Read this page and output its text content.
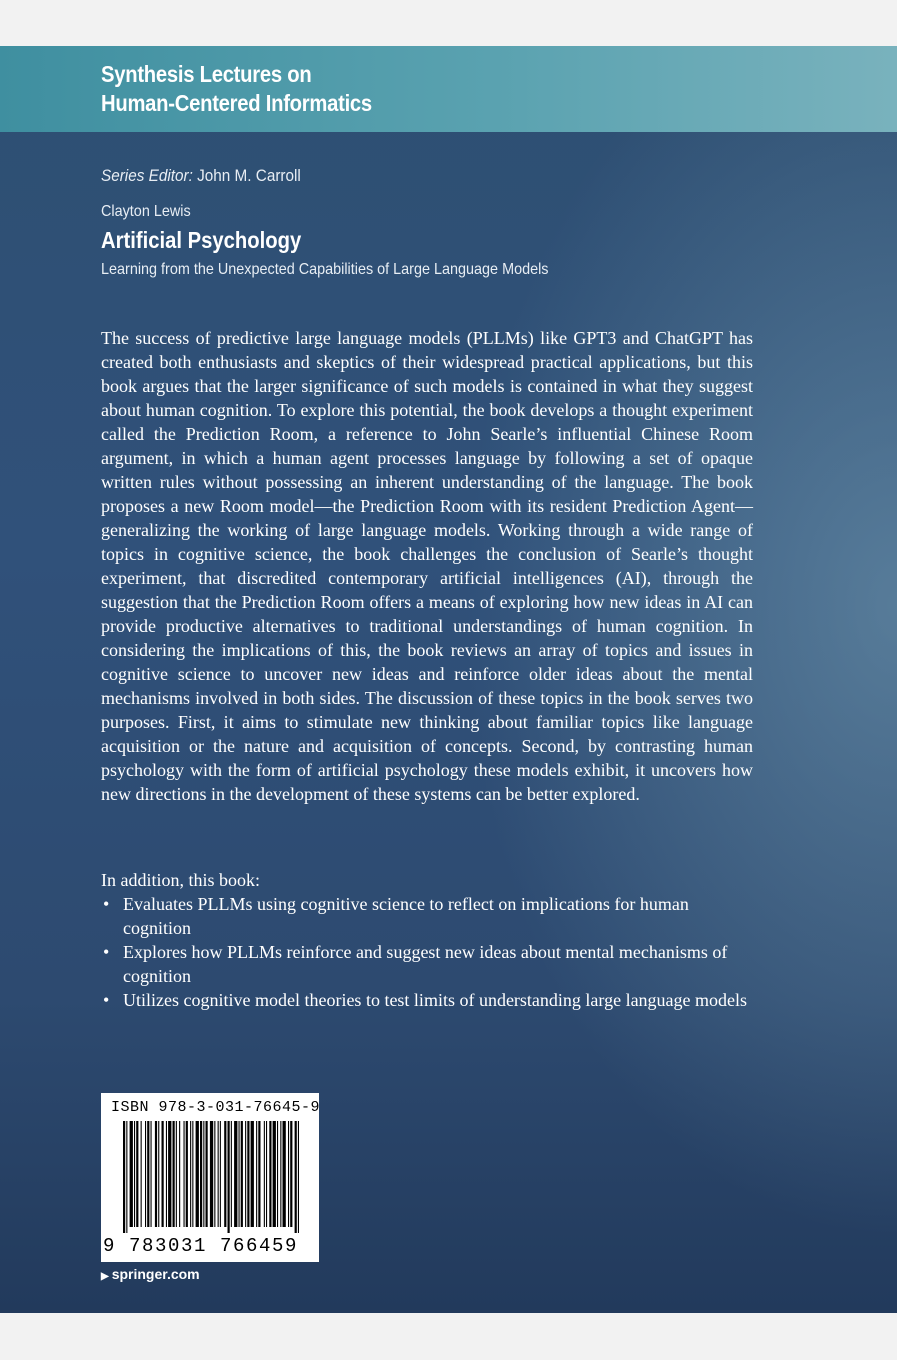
Synthesis Lectures on
Human-Centered Informatics
Series Editor: John M. Carroll
Clayton Lewis
Artificial Psychology
Learning from the Unexpected Capabilities of Large Language Models

The success of predictive large language models (PLLMs) like GPT3 and ChatGPT has created both enthusiasts and skeptics of their widespread practical applications, but this book argues that the larger significance of such models is contained in what they suggest about human cognition. To explore this potential, the book develops a thought experiment called the Prediction Room, a reference to John Searle’s influential Chinese Room argument, in which a human agent processes language by following a set of opaque written rules without possessing an inherent understanding of the language. The book proposes a new Room model—the Prediction Room with its resident Prediction Agent—generalizing the working of large language models. Working through a wide range of topics in cognitive science, the book challenges the conclusion of Searle’s thought experiment, that discredited contemporary artificial intelligences (AI), through the suggestion that the Prediction Room offers a means of exploring how new ideas in AI can provide productive alternatives to traditional understandings of human cognition. In considering the implications of this, the book reviews an array of topics and issues in cognitive science to uncover new ideas and reinforce older ideas about the mental mechanisms involved in both sides. The discussion of these topics in the book serves two purposes. First, it aims to stimulate new thinking about familiar topics like language acquisition or the nature and acquisition of concepts. Second, by contrasting human psychology with the form of artificial psychology these models exhibit, it uncovers how new directions in the development of these systems can be better explored.

In addition, this book:
• Evaluates PLLMs using cognitive science to reflect on implications for human cognition
• Explores how PLLMs reinforce and suggest new ideas about mental mechanisms of cognition
• Utilizes cognitive model theories to test limits of understanding large language models
ISBN 978-3-031-76645-9
9 783031 766459
▶ springer.com
